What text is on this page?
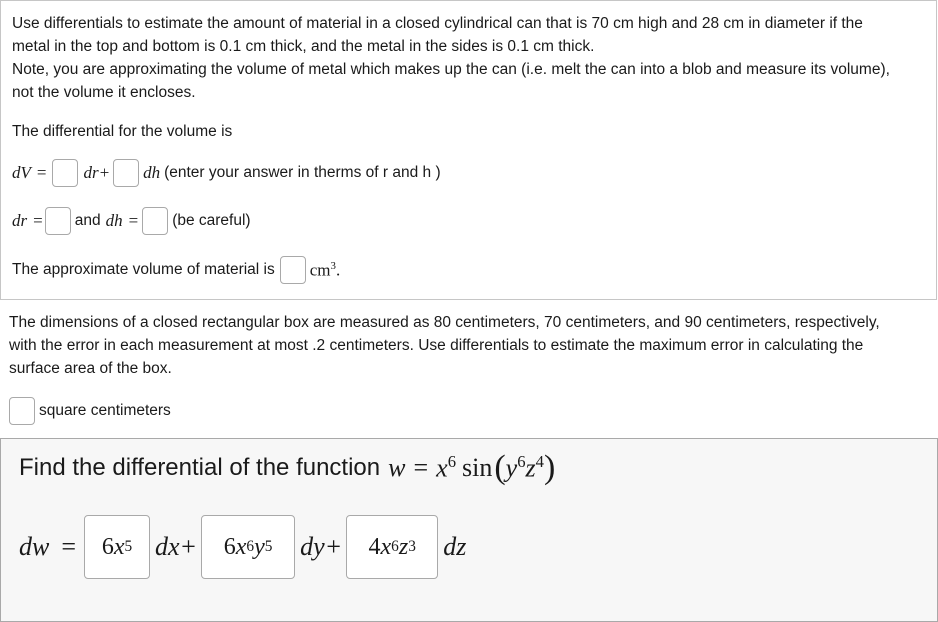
Use differentials to estimate the amount of material in a closed cylindrical can that is 70 cm high and 28 cm in diameter if the
metal in the top and bottom is 0.1 cm thick, and the metal in the sides is 0.1 cm thick.
Note, you are approximating the volume of metal which makes up the can (i.e. melt the can into a blob and measure its volume),
not the volume it encloses.
The differential for the volume is
dV = dr+ dh (enter your answer in therms of r and h )
dr = and dh = (be careful)
The approximate volume of material is $cm^3$.
The dimensions of a closed rectangular box are measured as 80 centimeters, 70 centimeters, and 90 centimeters, respectively,
with the error in each measurement at most .2 centimeters. Use differentials to estimate the maximum error in calculating the
surface area of the box.
square centimeters
Find the differential of the function $w = x^6$ sin ( $y^6z^4$ )
dw = 6 x 5 dx+ 6 x 6 y 5 dy+ 4 x 6 z 3 dz
